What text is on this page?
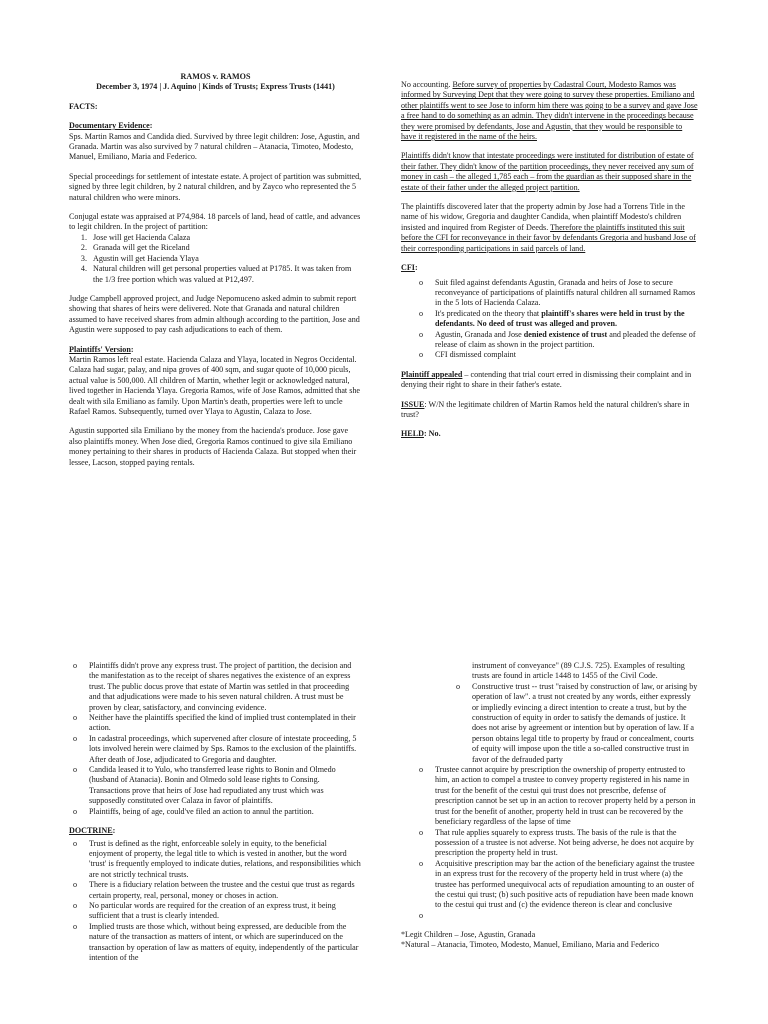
RAMOS v. RAMOS

December 3, 1974 | J. Aquino | Kinds of Trusts; Express Trusts (1441)

FACTS:

Documentary Evidence:
Sps. Martin Ramos and Candida died. Survived by three legit children: Jose, Agustin, and Granada. Martin was also survived by 7 natural children – Atanacia, Timoteo, Modesto, Manuel, Emiliano, Maria and Federico.

Special proceedings for settlement of intestate estate. A project of partition was submitted, signed by three legit children, by 2 natural children, and by Zayco who represented the 5 natural children who were minors.

Conjugal estate was appraised at P74,984. 18 parcels of land, head of cattle, and advances to legit children. In the project of partition:

1. Jose will get Hacienda Calaza
2. Granada will get the Riceland
3. Agustin will get Hacienda Ylaya
4. Natural children will get personal properties valued at P1785. It was taken from the 1/3 free portion which was valued at P12,497.

Judge Campbell approved project, and Judge Nepomuceno asked admin to submit report showing that shares of heirs were delivered. Note that Granada and natural children assumed to have received shares from admin although according to the partition, Jose and Agustin were supposed to pay cash adjudications to each of them.

Plaintiffs' Version:
Martin Ramos left real estate. Hacienda Calaza and Ylaya, located in Negros Occidental. Calaza had sugar, palay, and nipa groves of 400 sqm, and sugar quote of 10,000 piculs, actual value is 500,000. All children of Martin, whether legit or acknowledged natural, lived together in Hacienda Ylaya. Gregoria Ramos, wife of Jose Ramos, admitted that she dealt with sila Emiliano as family. Upon Martin's death, properties were left to uncle Rafael Ramos. Subsequently, turned over Ylaya to Agustin, Calaza to Jose.

Agustin supported sila Emiliano by the money from the hacienda's produce. Jose gave also plaintiffs money. When Jose died, Gregoria Ramos continued to give sila Emiliano money pertaining to their shares in products of Hacienda Calaza. But stopped when their lessee, Lacson, stopped paying rentals.

No accounting. Before survey of properties by Cadastral Court, Modesto Ramos was informed by Surveying Dept that they were going to survey these properties. Emiliano and other plaintiffs went to see Jose to inform him there was going to be a survey and gave Jose a free hand to do something as an admin. They didn't intervene in the proceedings because they were promised by defendants, Jose and Agustin, that they would be responsible to have it registered in the name of the heirs.

Plaintiffs didn't know that intestate proceedings were instituted for distribution of estate of their father. They didn't know of the partition proceedings, they never received any sum of money in cash – the alleged 1,785 each – from the guardian as their supposed share in the estate of their father under the alleged project partition.

The plaintiffs discovered later that the property admin by Jose had a Torrens Title in the name of his widow, Gregoria and daughter Candida, when plaintiff Modesto's children insisted and inquired from Register of Deeds. Therefore the plaintiffs instituted this suit before the CFI for reconveyance in their favor by defendants Gregoria and husband Jose of their corresponding participations in said parcels of land.

CFI:

o Suit filed against defendants Agustin, Granada and heirs of Jose to secure reconveyance of participations of plaintiffs natural children all surnamed Ramos in the 5 lots of Hacienda Calaza.
o It's predicated on the theory that plaintiff's shares were held in trust by the defendants. No deed of trust was alleged and proven.
o Agustin, Granada and Jose denied existence of trust and pleaded the defense of release of claim as shown in the project partition.
o CFI dismissed complaint

Plaintiff appealed – contending that trial court erred in dismissing their complaint and in denying their right to share in their father's estate.

ISSUE: W/N the legitimate children of Martin Ramos held the natural children's share in trust?

HELD: No.

o Plaintiffs didn't prove any express trust. The project of partition, the decision and the manifestation as to the receipt of shares negatives the existence of an express trust. The public docus prove that estate of Martin was settled in that proceeding and that adjudications were made to his seven natural children. A trust must be proven by clear, satisfactory, and convincing evidence.
o Neither have the plaintiffs specified the kind of implied trust contemplated in their action.
o In cadastral proceedings, which supervened after closure of intestate proceeding, 5 lots involved herein were claimed by Sps. Ramos to the exclusion of the plaintiffs. After death of Jose, adjudicated to Gregoria and daughter.
o Candida leased it to Yulo, who transferred lease rights to Bonin and Olmedo (husband of Atanacia). Bonin and Olmedo sold lease rights to Consing. Transactions prove that heirs of Jose had repudiated any trust which was supposedly constituted over Calaza in favor of plaintiffs.
o Plaintiffs, being of age, could've filed an action to annul the partition.

DOCTRINE:

o Trust is defined as the right, enforceable solely in equity, to the beneficial enjoyment of property, the legal title to which is vested in another, but the word 'trust' is frequently employed to indicate duties, relations, and responsibilities which are not strictly technical trusts.
o There is a fiduciary relation between the trustee and the cestui que trust as regards certain property, real, personal, money or choses in action.
o No particular words are required for the creation of an express trust, it being sufficient that a trust is clearly intended.
o Implied trusts are those which, without being expressed, are deducible from the nature of the transaction as matters of intent, or which are superinduced on the transaction by operation of law as matters of equity, independently of the particular intention of the

instrument of conveyance" (89 C.J.S. 725). Examples of resulting trusts are found in article 1448 to 1455 of the Civil Code.

o Constructive trust -- trust "raised by construction of law, or arising by operation of law". a trust not created by any words, either expressly or impliedly evincing a direct intention to create a trust, but by the construction of equity in order to satisfy the demands of justice. It does not arise by agreement or intention but by operation of law. If a person obtains legal title to property by fraud or concealment, courts of equity will impose upon the title a so-called constructive trust in favor of the defrauded party
o Trustee cannot acquire by prescription the ownership of property entrusted to him, an action to compel a trustee to convey property registered in his name in trust for the benefit of the cestui qui trust does not prescribe, defense of prescription cannot be set up in an action to recover property held by a person in trust for the benefit of another, property held in trust can be recovered by the beneficiary regardless of the lapse of time
o That rule applies squarely to express trusts. The basis of the rule is that the possession of a trustee is not adverse. Not being adverse, he does not acquire by prescription the property held in trust.
o Acquisitive prescription may bar the action of the beneficiary against the trustee in an express trust for the recovery of the property held in trust where (a) the trustee has performed unequivocal acts of repudiation amounting to an ouster of the cestui qui trust; (b) such positive acts of repudiation have been made known to the cestui qui trust and (c) the evidence thereon is clear and conclusive
o
*Legit Children – Jose, Agustin, Granada
*Natural – Atanacia, Timoteo, Modesto, Manuel, Emiliano, Maria and Federico
